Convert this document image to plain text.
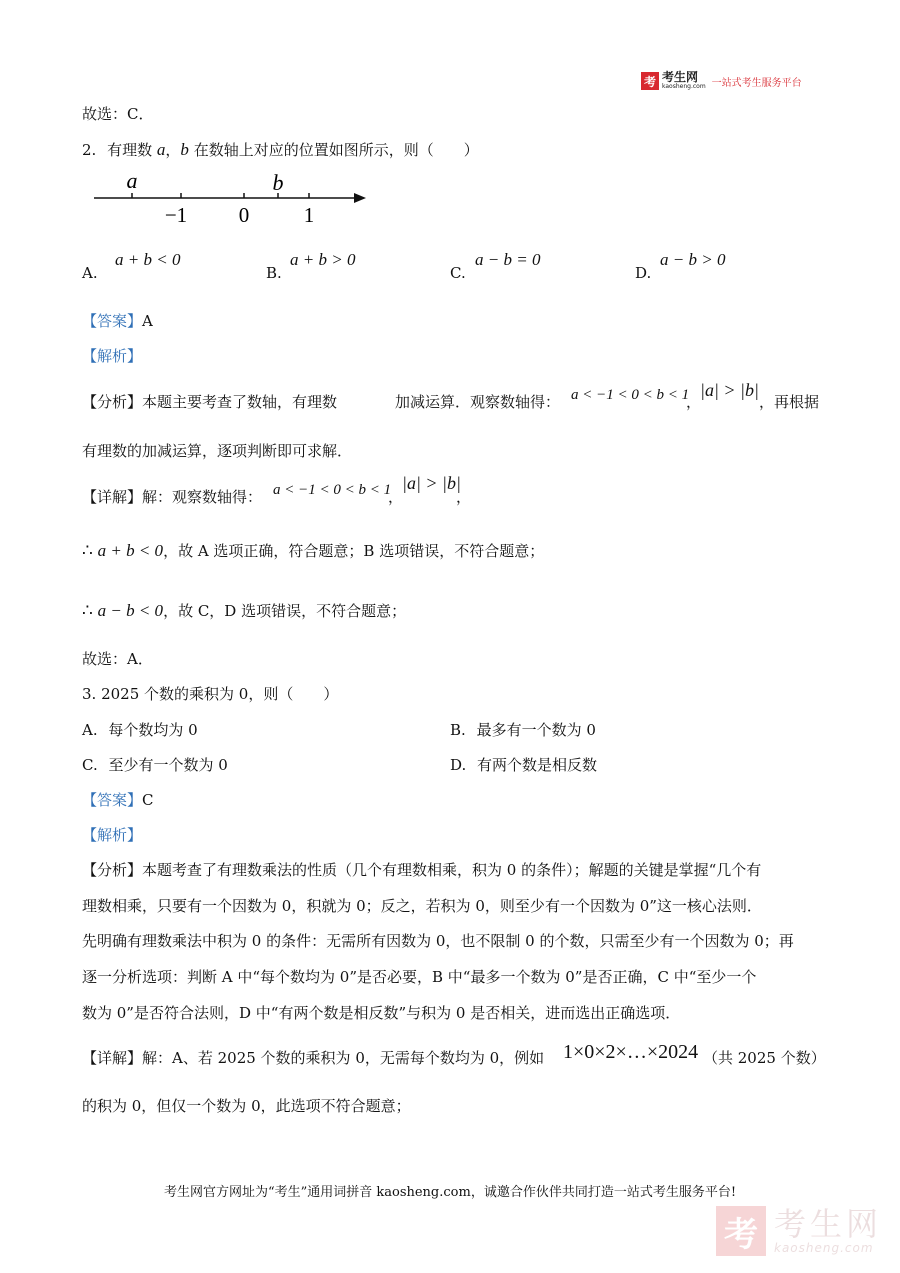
考 考生网
kaosheng.com 一站式考生服务平台
故选：C．
2. 有理数 a，b 在数轴上对应的位置如图所示，则（　　）
a	b
−1 0	1
A.
a + b < 0
B.
a + b > 0
C.
a − b = 0
D.
a − b > 0
【答案】A
【解析】
【分析】本题主要考查了数轴，有理数	加减运算．观察数轴得： a < −1 < 0 < b < 1
，
|a| > |b|
，再根据
有理数的加减运算，逐项判断即可求解．
【详解】解：观察数轴得： a < −1 < 0 < b < 1
，
|a| > |b|
，
∴ a + b < 0，故 A 选项正确，符合题意；B 选项错误，不符合题意；
∴ a − b < 0，故 C，D 选项错误，不符合题意；
故选：A．
3. 2025 个数的乘积为 0，则（　　）
A. 每个数均为 0	B. 最多有一个数为 0
C. 至少有一个数为 0	D. 有两个数是相反数
【答案】C
【解析】
【分析】本题考查了有理数乘法的性质（几个有理数相乘，积为 0 的条件）；解题的关键是掌握“几个有
理数相乘，只要有一个因数为 0，积就为 0；反之，若积为 0，则至少有一个因数为 0”这一核心法则．
先明确有理数乘法中积为 0 的条件：无需所有因数为 0，也不限制 0 的个数，只需至少有一个因数为 0；再
逐一分析选项：判断 A 中“每个数均为 0”是否必要，B 中“最多一个数为 0”是否正确，C 中“至少一个
数为 0”是否符合法则，D 中“有两个数是相反数”与积为 0 是否相关，进而选出正确选项．
【详解】解：A、若 2025 个数的乘积为 0，无需每个数均为 0，例如 1×0×2×…×2024 （共 2025 个数）
的积为 0，但仅一个数为 0，此选项不符合题意；
考生网官方网址为“考生”通用词拼音 kaosheng.com，诚邀合作伙伴共同打造一站式考生服务平台!
考 考生网
kaosheng.com
